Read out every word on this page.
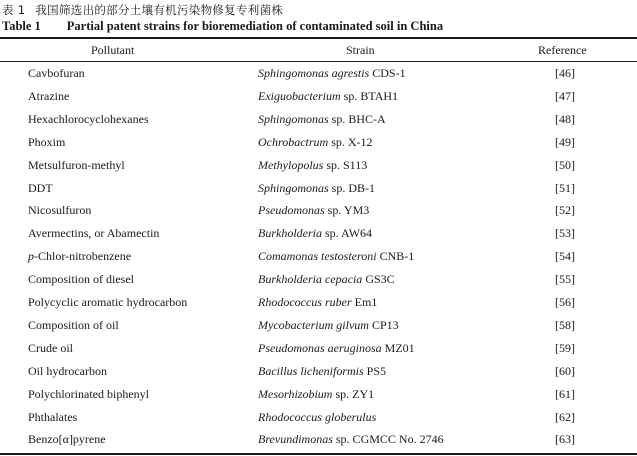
表 1 我国筛选出的部分土壤有机污染物修复专利菌株
Table 1 Partial patent strains for bioremediation of contaminated soil in China
Pollutant	Strain	Reference
Cavbofuran	Sphingomonas agrestis CDS-1	[46]
Atrazine	Exiguobacterium sp. BTAH1	[47]
Hexachlorocyclohexanes	Sphingomonas sp. BHC-A	[48]
Phoxim	Ochrobactrum sp. X-12	[49]
Metsulfuron-methyl	Methylopolus sp. S113	[50]
DDT	Sphingomonas sp. DB-1	[51]
Nicosulfuron	Pseudomonas sp. YM3	[52]
Avermectins, or Abamectin	Burkholderia sp. AW64	[53]
p-Chlor-nitrobenzene	Comamonas testosteroni CNB-1	[54]
Composition of diesel	Burkholderia cepacia GS3C	[55]
Polycyclic aromatic hydrocarbon	Rhodococcus ruber Em1	[56]
Composition of oil	Mycobacterium gilvum CP13	[58]
Crude oil	Pseudomonas aeruginosa MZ01	[59]
Oil hydrocarbon	Bacillus licheniformis PS5	[60]
Polychlorinated biphenyl	Mesorhizobium sp. ZY1	[61]
Phthalates	Rhodococcus globerulus	[62]
Benzo[α]pyrene	Brevundimonas sp. CGMCC No. 2746	[63]
